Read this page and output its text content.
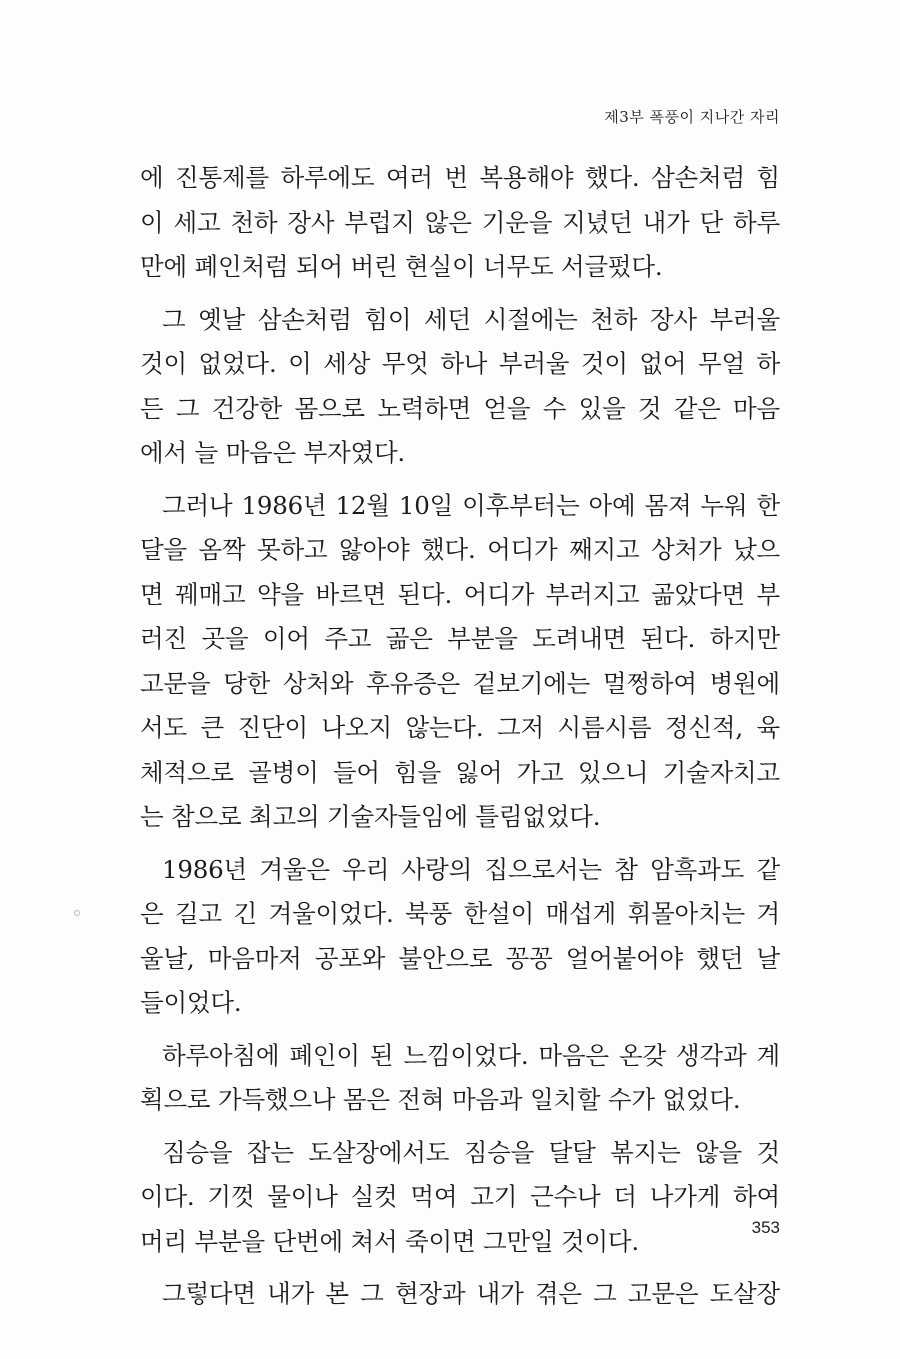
제3부 폭풍이 지나간 자리
에 진통제를 하루에도 여러 번 복용해야 했다. 삼손처럼 힘
이 세고 천하 장사 부럽지 않은 기운을 지녔던 내가 단 하루
만에 폐인처럼 되어 버린 현실이 너무도 서글펐다.
그 옛날 삼손처럼 힘이 세던 시절에는 천하 장사 부러울
것이 없었다. 이 세상 무엇 하나 부러울 것이 없어 무얼 하
든 그 건강한 몸으로 노력하면 얻을 수 있을 것 같은 마음
에서 늘 마음은 부자였다.
그러나 1986년 12월 10일 이후부터는 아예 몸져 누워 한
달을 옴짝 못하고 앓아야 했다. 어디가 째지고 상처가 났으
면 꿰매고 약을 바르면 된다. 어디가 부러지고 곪았다면 부
러진 곳을 이어 주고 곪은 부분을 도려내면 된다. 하지만
고문을 당한 상처와 후유증은 겉보기에는 멀쩡하여 병원에
서도 큰 진단이 나오지 않는다. 그저 시름시름 정신적, 육
체적으로 골병이 들어 힘을 잃어 가고 있으니 기술자치고
는 참으로 최고의 기술자들임에 틀림없었다.
1986년 겨울은 우리 사랑의 집으로서는 참 암흑과도 같
은 길고 긴 겨울이었다. 북풍 한설이 매섭게 휘몰아치는 겨
울날, 마음마저 공포와 불안으로 꽁꽁 얼어붙어야 했던 날
들이었다.
하루아침에 폐인이 된 느낌이었다. 마음은 온갖 생각과 계
획으로 가득했으나 몸은 전혀 마음과 일치할 수가 없었다.
짐승을 잡는 도살장에서도 짐승을 달달 볶지는 않을 것
이다. 기껏 물이나 실컷 먹여 고기 근수나 더 나가게 하여
머리 부분을 단번에 쳐서 죽이면 그만일 것이다.
그렇다면 내가 본 그 현장과 내가 겪은 그 고문은 도살장
353
